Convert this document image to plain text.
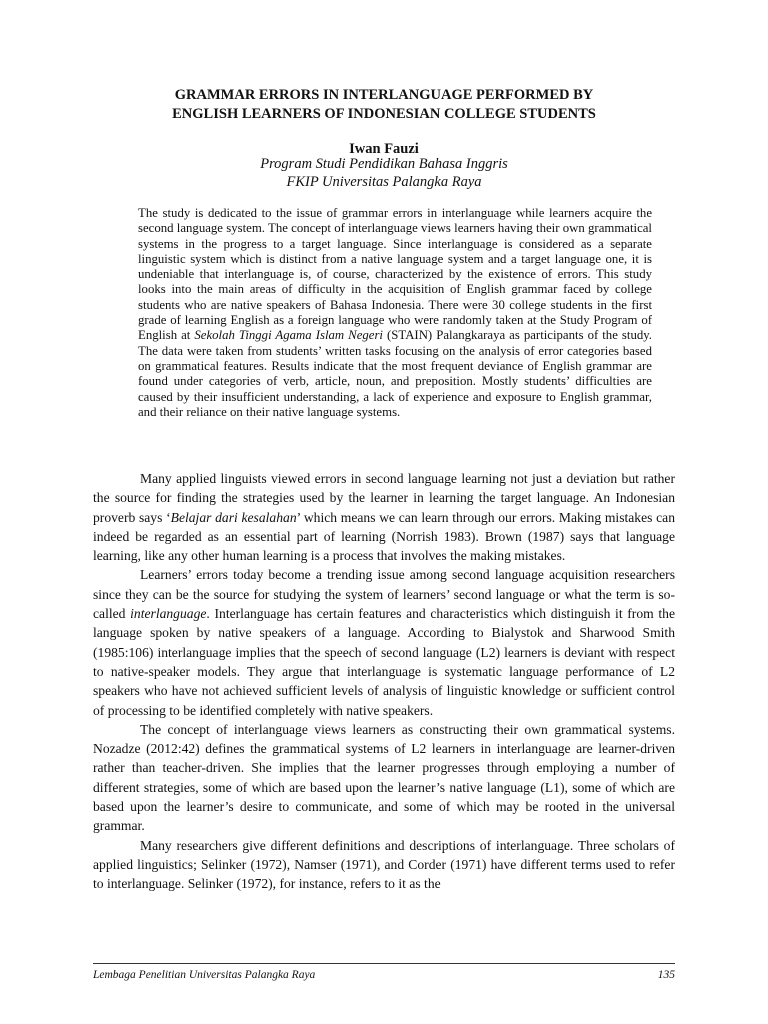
GRAMMAR ERRORS IN INTERLANGUAGE PERFORMED BY
ENGLISH LEARNERS OF INDONESIAN COLLEGE STUDENTS
Iwan Fauzi
Program Studi Pendidikan Bahasa Inggris
FKIP Universitas Palangka Raya

The study is dedicated to the issue of grammar errors in interlanguage while learners acquire the second language system. The concept of interlanguage views learners having their own grammatical systems in the progress to a target language. Since interlanguage is considered as a separate linguistic system which is distinct from a native language system and a target language one, it is undeniable that interlanguage is, of course, characterized by the existence of errors. This study looks into the main areas of difficulty in the acquisition of English grammar faced by college students who are native speakers of Bahasa Indonesia. There were 30 college students in the first grade of learning English as a foreign language who were randomly taken at the Study Program of English at Sekolah Tinggi Agama Islam Negeri (STAIN) Palangkaraya as participants of the study. The data were taken from students’ written tasks focusing on the analysis of error categories based on grammatical features. Results indicate that the most frequent deviance of English grammar are found under categories of verb, article, noun, and preposition. Mostly students’ difficulties are caused by their insufficient understanding, a lack of experience and exposure to English grammar, and their reliance on their native language systems.

Many applied linguists viewed errors in second language learning not just a deviation but rather the source for finding the strategies used by the learner in learning the target language. An Indonesian proverb says ‘Belajar dari kesalahan’ which means we can learn through our errors. Making mistakes can indeed be regarded as an essential part of learning (Norrish 1983). Brown (1987) says that language learning, like any other human learning is a process that involves the making mistakes.

Learners’ errors today become a trending issue among second language acquisition researchers since they can be the source for studying the system of learners’ second language or what the term is so-called interlanguage. Interlanguage has certain features and characteristics which distinguish it from the language spoken by native speakers of a language. According to Bialystok and Sharwood Smith (1985:106) interlanguage implies that the speech of second language (L2) learners is deviant with respect to native-speaker models. They argue that interlanguage is systematic language performance of L2 speakers who have not achieved sufficient levels of analysis of linguistic knowledge or sufficient control of processing to be identified completely with native speakers.

The concept of interlanguage views learners as constructing their own grammatical systems. Nozadze (2012:42) defines the grammatical systems of L2 learners in interlanguage are learner-driven rather than teacher-driven. She implies that the learner progresses through employing a number of different strategies, some of which are based upon the learner’s native language (L1), some of which are based upon the learner’s desire to communicate, and some of which may be rooted in the universal grammar.

Many researchers give different definitions and descriptions of interlanguage. Three scholars of applied linguistics; Selinker (1972), Namser (1971), and Corder (1971) have different terms used to refer to interlanguage. Selinker (1972), for instance, refers to it as the

Lembaga Penelitian Universitas Palangka Raya	135
